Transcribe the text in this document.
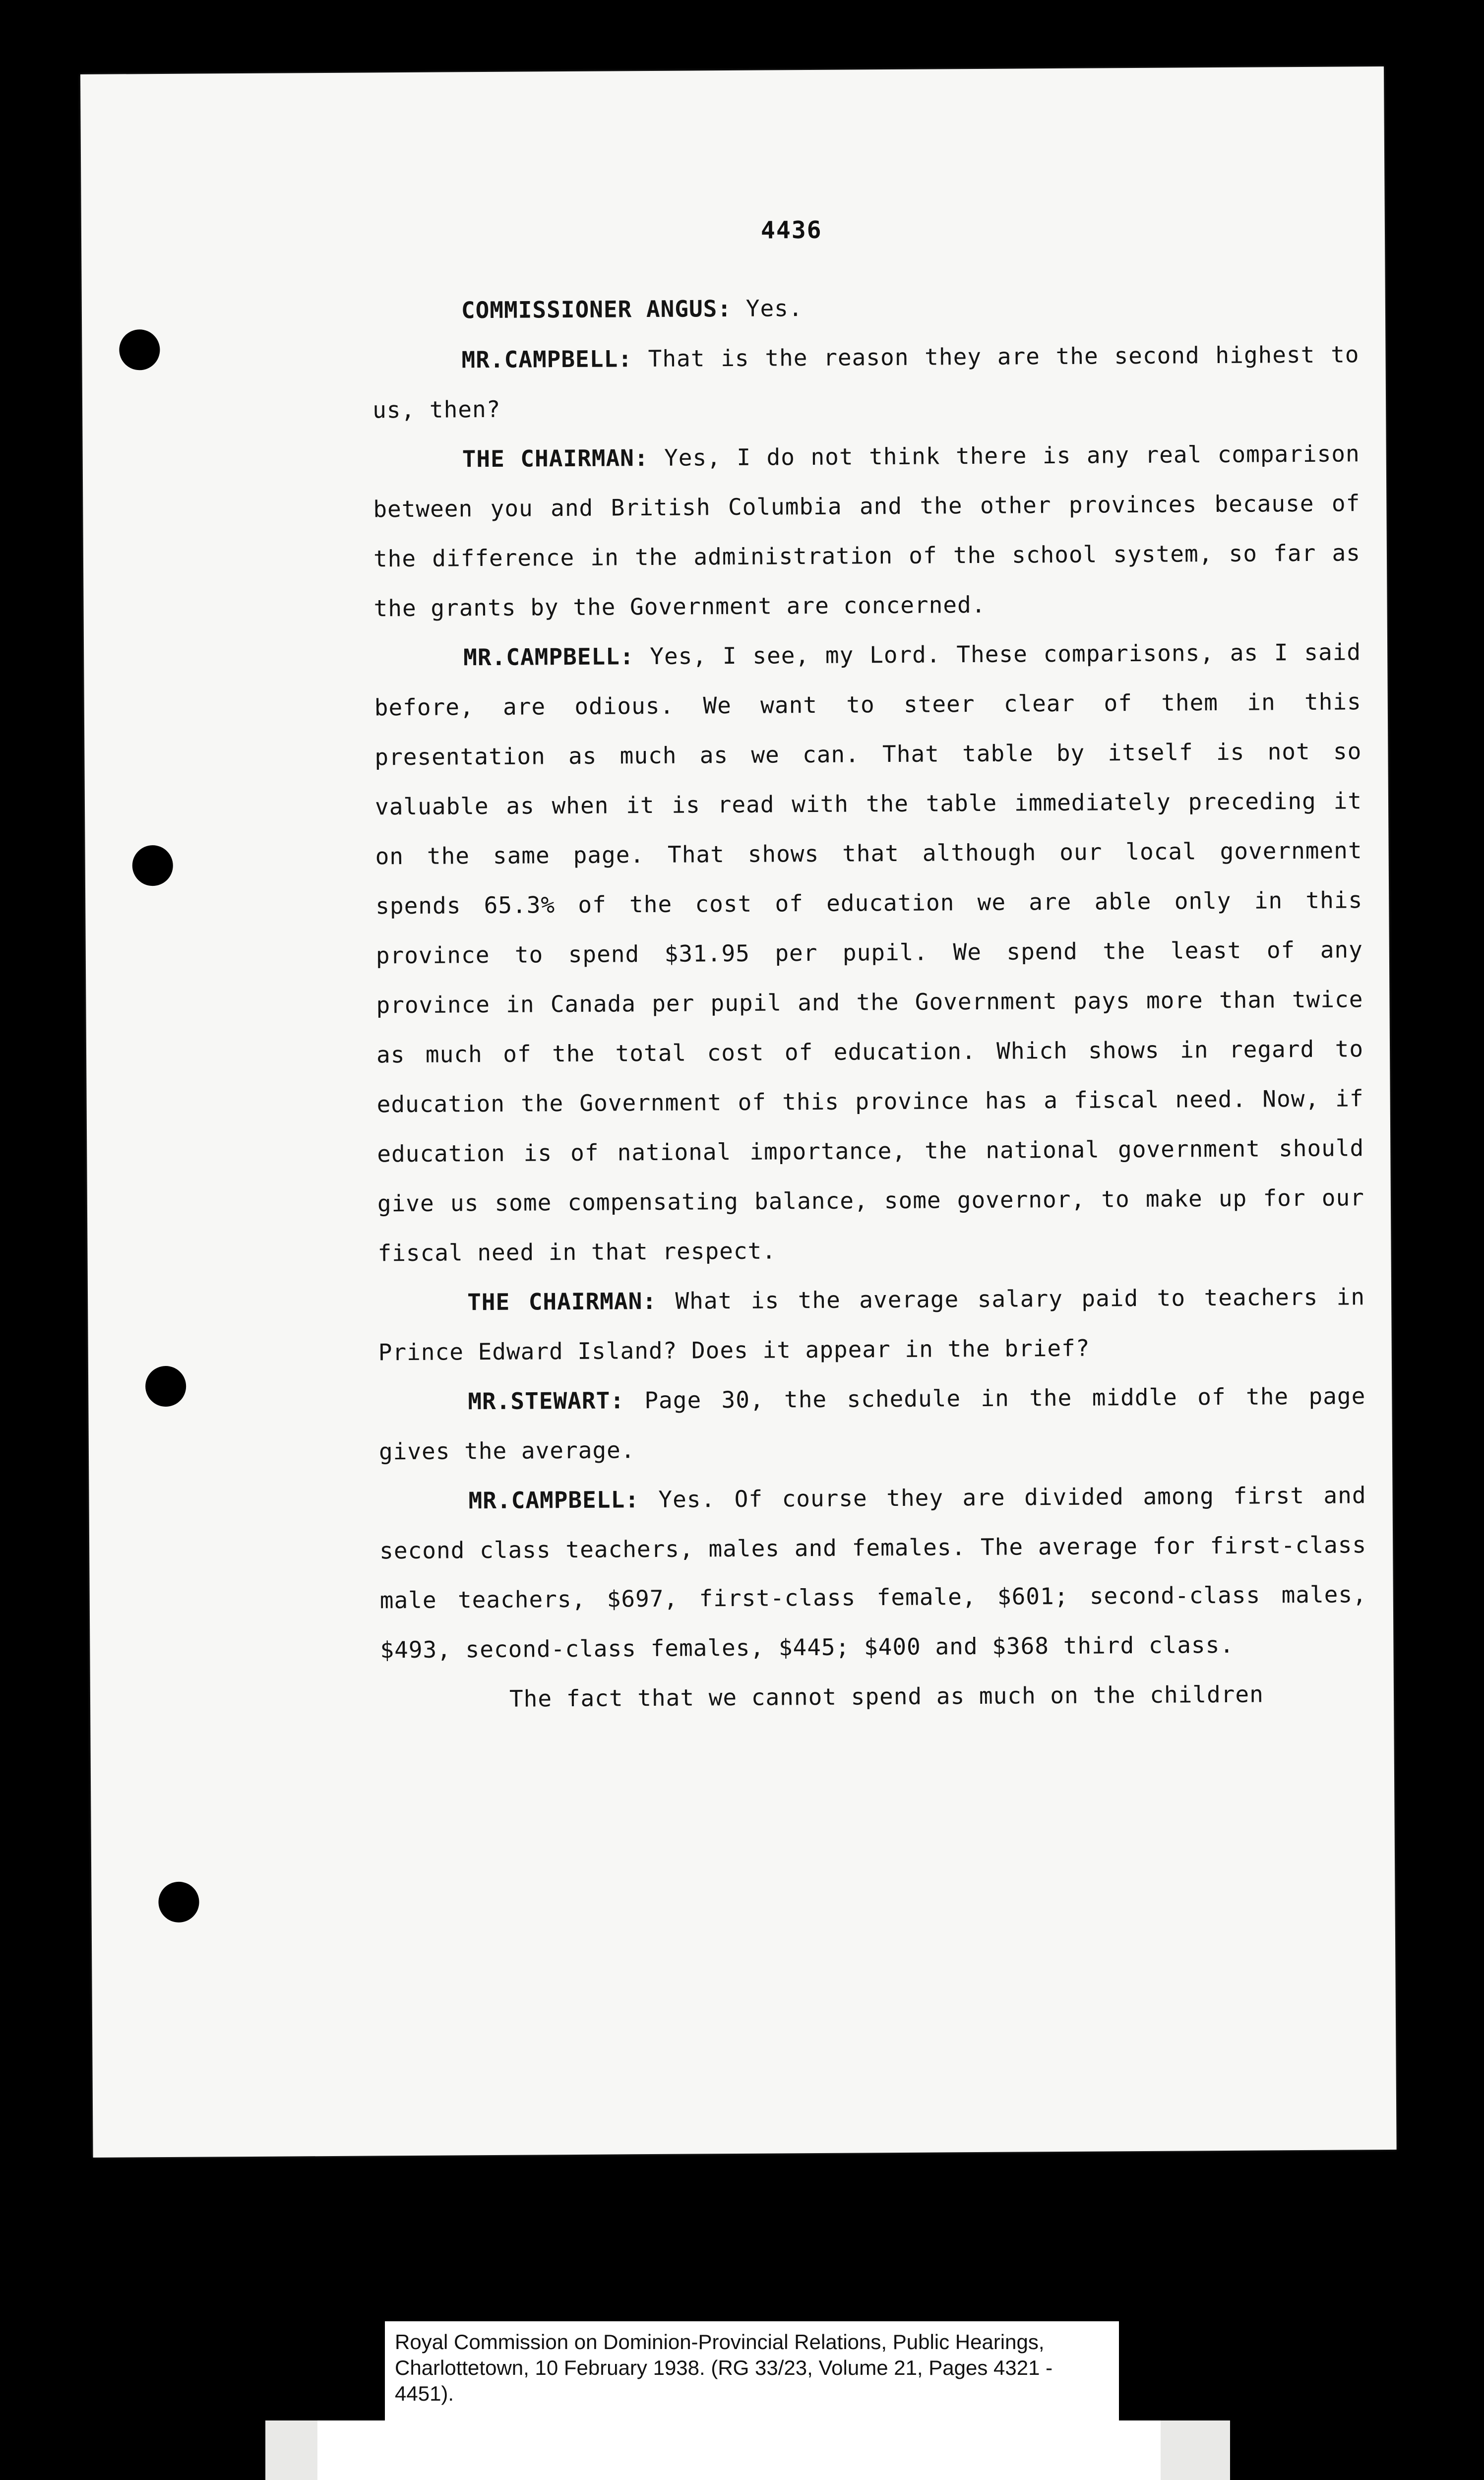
4436

COMMISSIONER ANGUS: Yes.

MR.CAMPBELL: That is the reason they are the second highest to us, then?

THE CHAIRMAN: Yes, I do not think there is any real comparison between you and British Columbia and the other provinces because of the difference in the administration of the school system, so far as the grants by the Government are concerned.

MR.CAMPBELL: Yes, I see, my Lord. These comparisons, as I said before, are odious. We want to steer clear of them in this presentation as much as we can. That table by itself is not so valuable as when it is read with the table immediately preceding it on the same page. That shows that although our local government spends 65.3% of the cost of education we are able only in this province to spend $31.95 per pupil. We spend the least of any province in Canada per pupil and the Government pays more than twice as much of the total cost of education. Which shows in regard to education the Government of this province has a fiscal need. Now, if education is of national importance, the national government should give us some compensating balance, some governor, to make up for our fiscal need in that respect.

THE CHAIRMAN: What is the average salary paid to teachers in Prince Edward Island? Does it appear in the brief?

MR.STEWART: Page 30, the schedule in the middle of the page gives the average.

MR.CAMPBELL: Yes. Of course they are divided among first and second class teachers, males and females. The average for first-class male teachers, $697, first-class female, $601; second-class males, $493, second-class females, $445; $400 and $368 third class.

The fact that we cannot spend as much on the children

Royal Commission on Dominion-Provincial Relations, Public Hearings, Charlottetown, 10 February 1938. (RG 33/23, Volume 21, Pages 4321 - 4451).
